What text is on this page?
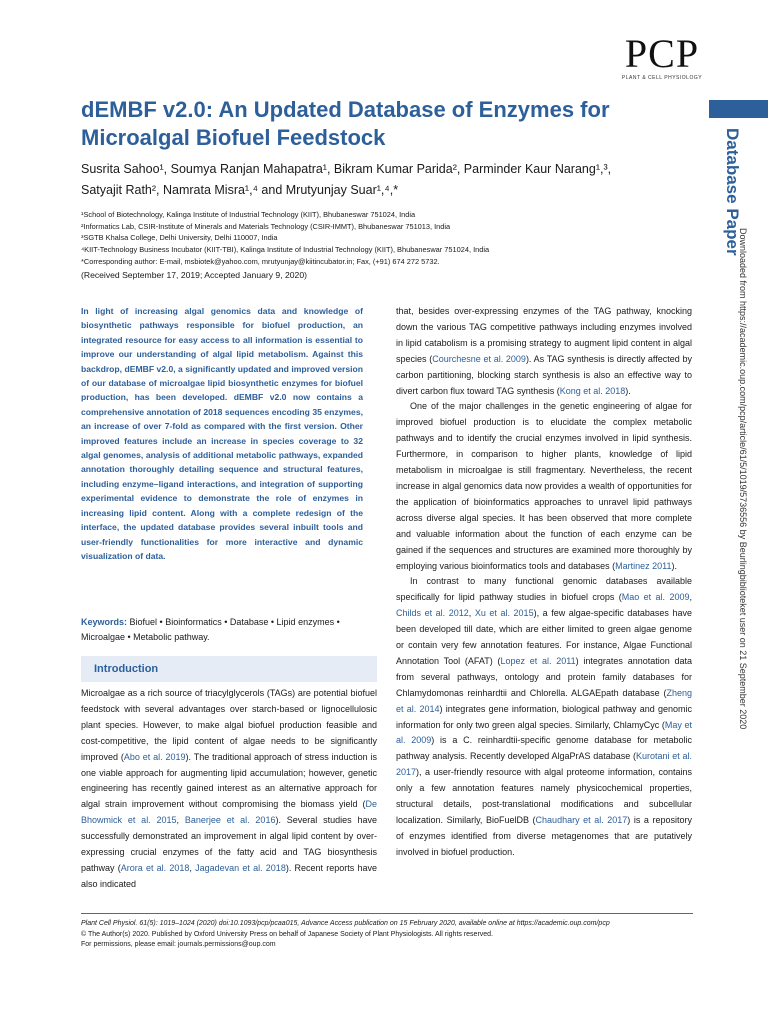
PCP
PLANT & CELL PHYSIOLOGY
Database Paper
Downloaded from https://academic.oup.com/pcp/article/61/5/1019/5736556 by Beurlingbiblioteket user on 21 September 2020
dEMBF v2.0: An Updated Database of Enzymes for Microalgal Biofuel Feedstock
Susrita Sahoo¹, Soumya Ranjan Mahapatra¹, Bikram Kumar Parida², Parminder Kaur Narang¹,³,
Satyajit Rath², Namrata Misra¹,⁴ and Mrutyunjay Suar¹,⁴,*
¹School of Biotechnology, Kalinga Institute of Industrial Technology (KIIT), Bhubaneswar 751024, India
²Informatics Lab, CSIR-Institute of Minerals and Materials Technology (CSIR-IMMT), Bhubaneswar 751013, India
³SGTB Khalsa College, Delhi University, Delhi 110007, India
⁴KIIT-Technology Business Incubator (KIIT-TBI), Kalinga Institute of Industrial Technology (KIIT), Bhubaneswar 751024, India
*Corresponding author: E-mail, msbiotek@yahoo.com, mrutyunjay@kiitincubator.in; Fax, (+91) 674 272 5732.
(Received September 17, 2019; Accepted January 9, 2020)
In light of increasing algal genomics data and knowledge of biosynthetic pathways responsible for biofuel production, an integrated resource for easy access to all information is essential to improve our understanding of algal lipid metabolism. Against this backdrop, dEMBF v2.0, a significantly updated and improved version of our database of microalgae lipid biosynthetic enzymes for biofuel production, has been developed. dEMBF v2.0 now contains a comprehensive annotation of 2018 sequences encoding 35 enzymes, an increase of over 7-fold as compared with the first version. Other improved features include an increase in species coverage to 32 algal genomes, analysis of additional metabolic pathways, expanded annotation thoroughly detailing sequence and structural features, including enzyme–ligand interactions, and integration of supporting experimental evidence to demonstrate the role of enzymes in increasing lipid content. Along with a complete redesign of the interface, the updated database provides several inbuilt tools and user-friendly functionalities for more interactive and dynamic visualization of data.
Keywords: Biofuel • Bioinformatics • Database • Lipid enzymes • Microalgae • Metabolic pathway.
Introduction

Microalgae as a rich source of triacylglycerols (TAGs) are potential biofuel feedstock with several advantages over starch-based or lignocellulosic plant species. However, to make algal biofuel production feasible and cost-competitive, the lipid content of algae needs to be significantly improved (Abo et al. 2019). The traditional approach of stress induction is one viable approach for augmenting lipid accumulation; however, genetic engineering has recently gained interest as an alternative approach for algal strain improvement without compromising the biomass yield (De Bhowmick et al. 2015, Banerjee et al. 2016). Several studies have successfully demonstrated an improvement in algal lipid content by over-expressing crucial enzymes of the fatty acid and TAG biosynthesis pathway (Arora et al. 2018, Jagadevan et al. 2018). Recent reports have also indicated

that, besides over-expressing enzymes of the TAG pathway, knocking down the various TAG competitive pathways including enzymes involved in lipid catabolism is a promising strategy to augment lipid content in algal species (Courchesne et al. 2009). As TAG synthesis is directly affected by carbon partitioning, blocking starch synthesis is also an effective way to divert carbon flux toward TAG synthesis (Kong et al. 2018).

One of the major challenges in the genetic engineering of algae for improved biofuel production is to elucidate the complex metabolic pathways and to identify the crucial enzymes involved in lipid synthesis. Furthermore, in comparison to higher plants, knowledge of lipid metabolism in microalgae is still fragmentary. Nevertheless, the recent increase in algal genomics data now provides a wealth of opportunities for the application of bioinformatics approaches to unravel lipid pathways across diverse algal species. It has been observed that more complete and valuable information about the function of each enzyme can be gained if the sequences and structures are examined more thoroughly by employing various bioinformatics tools and databases (Martinez 2011).

In contrast to many functional genomic databases available specifically for lipid pathway studies in biofuel crops (Mao et al. 2009, Childs et al. 2012, Xu et al. 2015), a few algae-specific databases have been developed till date, which are either limited to green algae genome or contain very few annotation features. For instance, Algae Functional Annotation Tool (AFAT) (Lopez et al. 2011) integrates annotation data from several pathways, ontology and protein family databases for Chlamydomonas reinhardtii and Chlorella. ALGAEpath database (Zheng et al. 2014) integrates gene information, biological pathway and genomic information for only two green algal species. Similarly, ChlamyCyc (May et al. 2009) is a C. reinhardtii-specific genome database for metabolic pathway analysis. Recently developed AlgaPrAS database (Kurotani et al. 2017), a user-friendly resource with algal proteome information, contains only a few annotation features namely physicochemical properties, structural details, post-translational modifications and subcellular localization. Similarly, BioFuelDB (Chaudhary et al. 2017) is a repository of enzymes identified from diverse metagenomes that are putatively involved in biofuel production.

Plant Cell Physiol. 61(5): 1019–1024 (2020) doi:10.1093/pcp/pcaa015, Advance Access publication on 15 February 2020, available online at https://academic.oup.com/pcp
© The Author(s) 2020. Published by Oxford University Press on behalf of Japanese Society of Plant Physiologists. All rights reserved.
For permissions, please email: journals.permissions@oup.com
